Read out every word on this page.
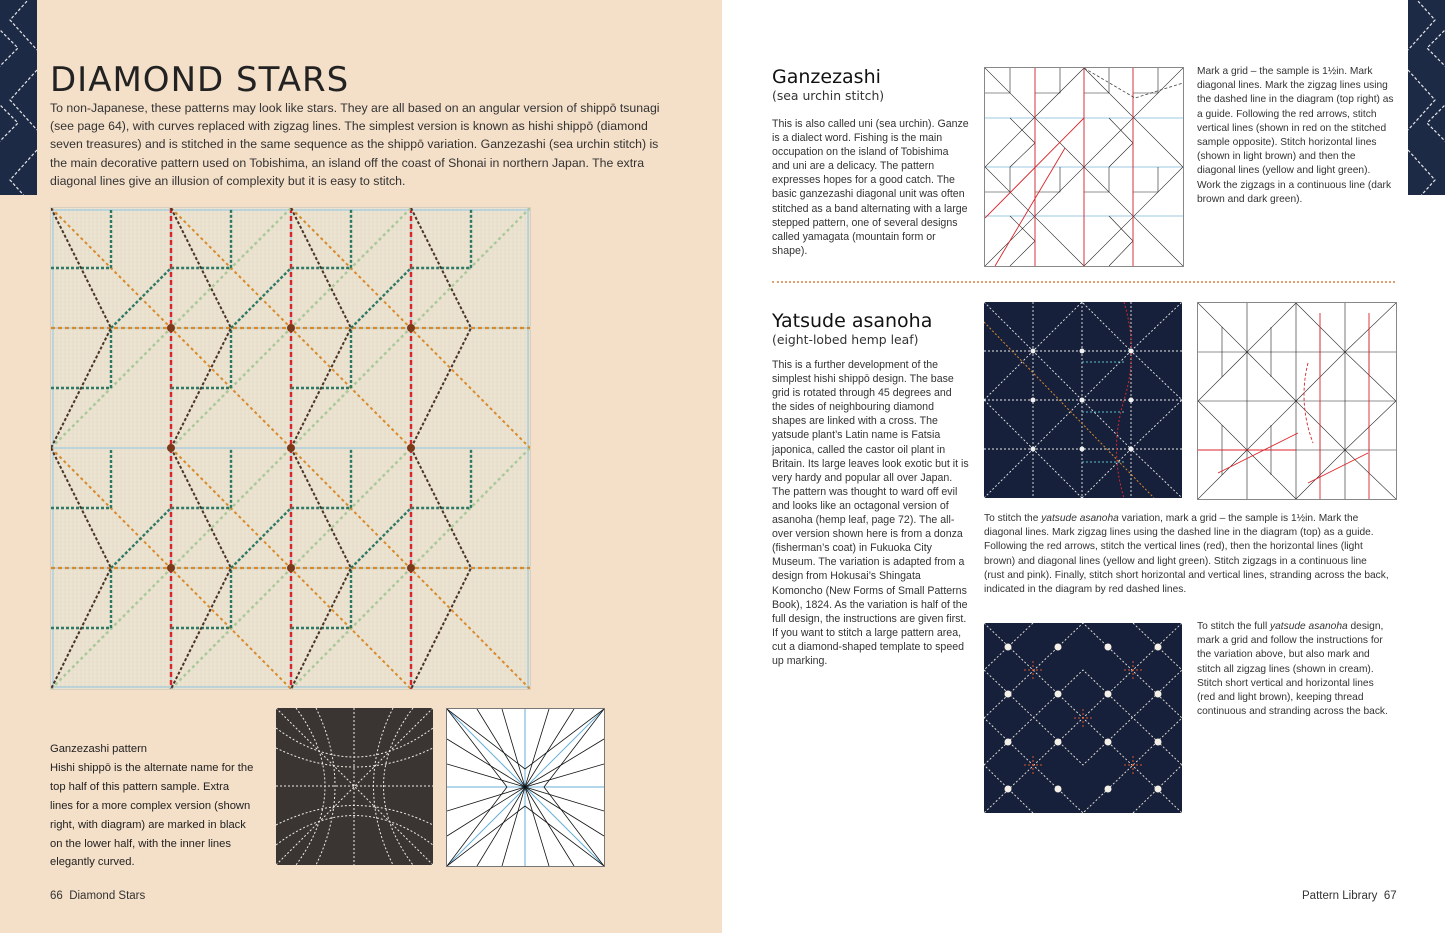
DIAMOND STARS

To non-Japanese, these patterns may look like stars. They are all based on an angular version of shippō tsunagi (see page 64), with curves replaced with zigzag lines. The simplest version is known as hishi shippō (diamond seven treasures) and is stitched in the same sequence as the shippō variation. Ganzezashi (sea urchin stitch) is the main decorative pattern used on Tobishima, an island off the coast of Shonai in northern Japan. The extra diagonal lines give an illusion of complexity but it is easy to stitch.

Ganzezashi pattern
Hishi shippō is the alternate name for the top half of this pattern sample. Extra lines for a more complex version (shown right, with diagram) are marked in black on the lower half, with the inner lines elegantly curved.
66 Diamond Stars
Ganzezashi
(sea urchin stitch)

This is also called uni (sea urchin). Ganze is a dialect word. Fishing is the main occupation on the island of Tobishima and uni are a delicacy. The pattern expresses hopes for a good catch. The basic ganzezashi diagonal unit was often stitched as a band alternating with a large stepped pattern, one of several designs called yamagata (mountain form or shape).

Mark a grid – the sample is 1½in. Mark diagonal lines. Mark the zigzag lines using the dashed line in the diagram (top right) as a guide. Following the red arrows, stitch vertical lines (shown in red on the stitched sample opposite). Stitch horizontal lines (shown in light brown) and then the diagonal lines (yellow and light green). Work the zigzags in a continuous line (dark brown and dark green).

Yatsude asanoha
(eight-lobed hemp leaf)

This is a further development of the simplest hishi shippō design. The base grid is rotated through 45 degrees and the sides of neighbouring diamond shapes are linked with a cross. The yatsude plant’s Latin name is Fatsia japonica, called the castor oil plant in Britain. Its large leaves look exotic but it is very hardy and popular all over Japan. The pattern was thought to ward off evil and looks like an octagonal version of asanoha (hemp leaf, page 72). The all-over version shown here is from a donza (fisherman’s coat) in Fukuoka City Museum. The variation is adapted from a design from Hokusai’s Shingata Komoncho (New Forms of Small Patterns Book), 1824. As the variation is half of the full design, the instructions are given first. If you want to stitch a large pattern area, cut a diamond-shaped template to speed up marking.

To stitch the yatsude asanoha variation, mark a grid – the sample is 1½in. Mark the diagonal lines. Mark zigzag lines using the dashed line in the diagram (top) as a guide. Following the red arrows, stitch the vertical lines (red), then the horizontal lines (light brown) and diagonal lines (yellow and light green). Stitch zigzags in a continuous line (rust and pink). Finally, stitch short horizontal and vertical lines, stranding across the back, indicated in the diagram by red dashed lines.

To stitch the full yatsude asanoha design, mark a grid and follow the instructions for the variation above, but also mark and stitch all zigzag lines (shown in cream). Stitch short vertical and horizontal lines (red and light brown), keeping thread continuous and stranding across the back.

Pattern Library 67
